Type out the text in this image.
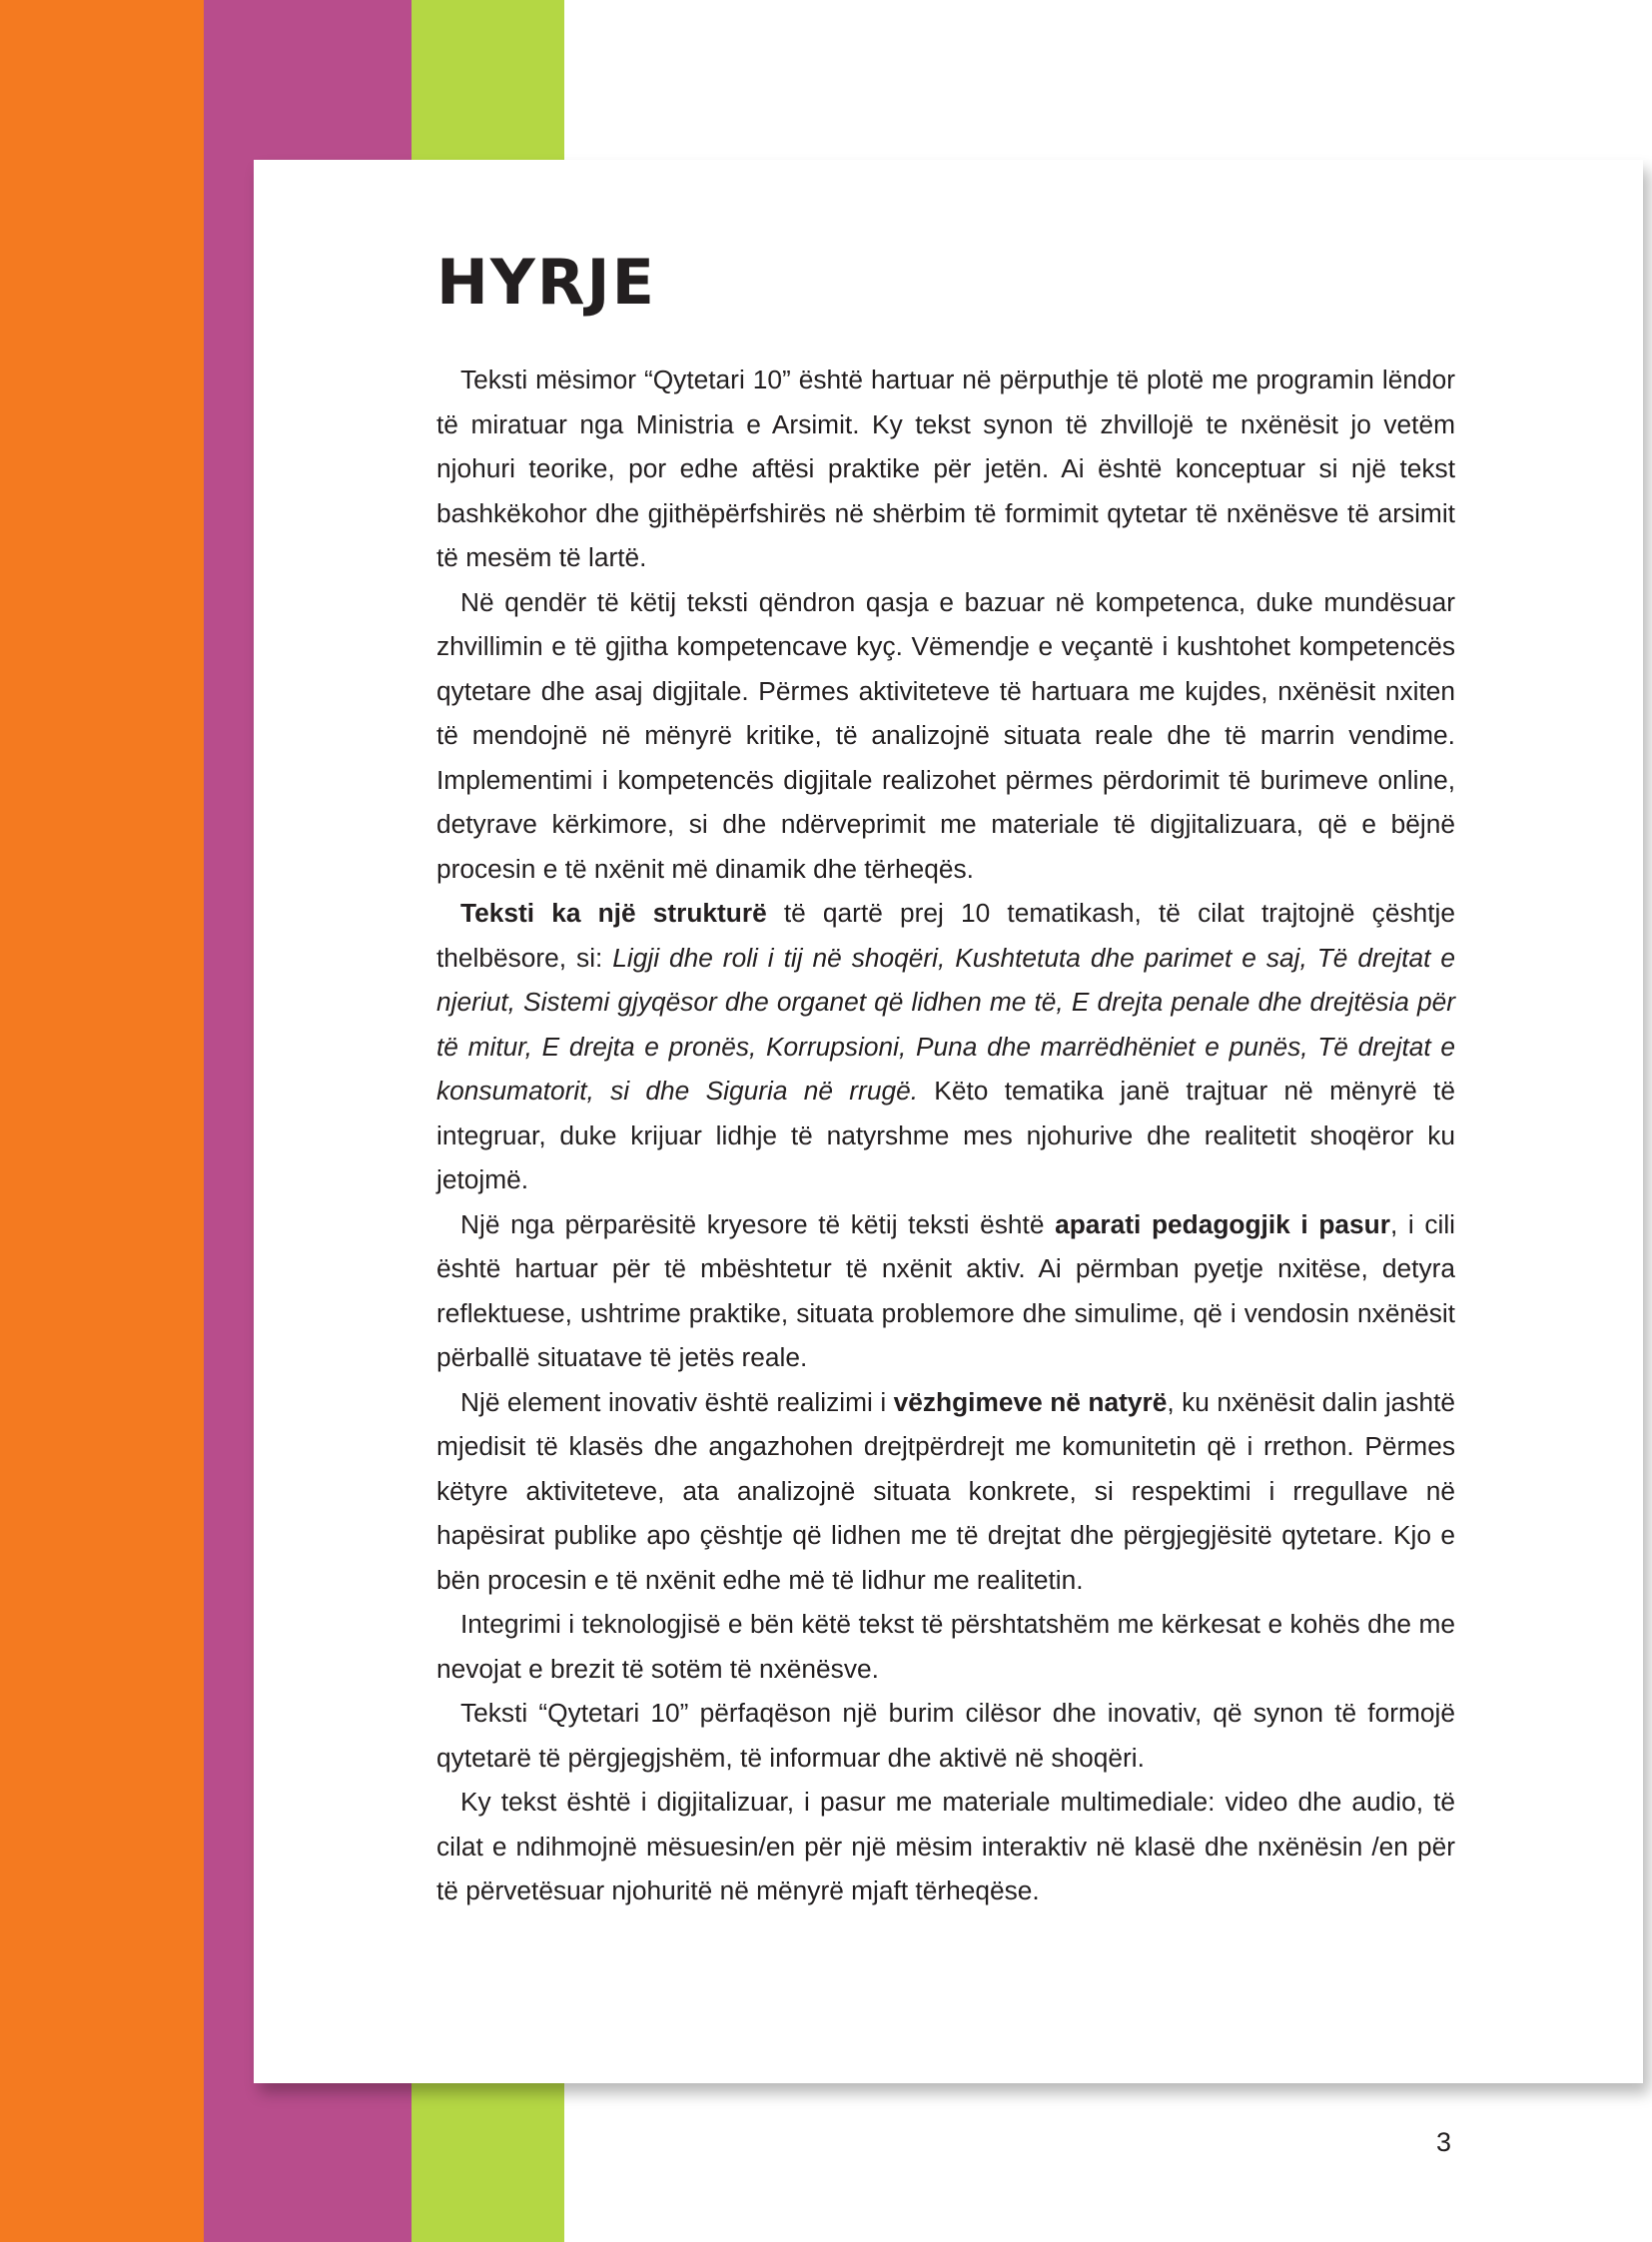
HYRJE

Teksti mësimor “Qytetari 10” është hartuar në përputhje të plotë me programin lëndor të miratuar nga Ministria e Arsimit. Ky tekst synon të zhvillojë te nxënësit jo vetëm njohuri teorike, por edhe aftësi praktike për jetën. Ai është konceptuar si një tekst bashkëkohor dhe gjithëpërfshirës në shërbim të formimit qytetar të nxënësve të arsimit të mesëm të lartë.

Në qendër të këtij teksti qëndron qasja e bazuar në kompetenca, duke mundësuar zhvillimin e të gjitha kompetencave kyç. Vëmendje e veçantë i kushtohet kompetencës qytetare dhe asaj digjitale. Përmes aktiviteteve të hartuara me kujdes, nxënësit nxiten të mendojnë në mënyrë kritike, të analizojnë situata reale dhe të marrin vendime. Implementimi i kompetencës digjitale realizohet përmes përdorimit të burimeve online, detyrave kërkimore, si dhe ndërveprimit me materiale të digjitalizuara, që e bëjnë procesin e të nxënit më dinamik dhe tërheqës.

Teksti ka një strukturë të qartë prej 10 tematikash, të cilat trajtojnë çështje thelbësore, si: Ligji dhe roli i tij në shoqëri, Kushtetuta dhe parimet e saj, Të drejtat e njeriut, Sistemi gjyqësor dhe organet që lidhen me të, E drejta penale dhe drejtësia për të mitur, E drejta e pronës, Korrupsioni, Puna dhe marrëdhëniet e punës, Të drejtat e konsumatorit, si dhe Siguria në rrugë. Këto tematika janë trajtuar në mënyrë të integruar, duke krijuar lidhje të natyrshme mes njohurive dhe realitetit shoqëror ku jetojmë.

Një nga përparësitë kryesore të këtij teksti është aparati pedagogjik i pasur, i cili është hartuar për të mbështetur të nxënit aktiv. Ai përmban pyetje nxitëse, detyra reflektuese, ushtrime praktike, situata problemore dhe simulime, që i vendosin nxënësit përballë situatave të jetës reale.

Një element inovativ është realizimi i vëzhgimeve në natyrë, ku nxënësit dalin jashtë mjedisit të klasës dhe angazhohen drejtpërdrejt me komunitetin që i rrethon. Përmes këtyre aktiviteteve, ata analizojnë situata konkrete, si respektimi i rregullave në hapësirat publike apo çështje që lidhen me të drejtat dhe përgjegjësitë qytetare. Kjo e bën procesin e të nxënit edhe më të lidhur me realitetin.

Integrimi i teknologjisë e bën këtë tekst të përshtatshëm me kërkesat e kohës dhe me nevojat e brezit të sotëm të nxënësve.

Teksti “Qytetari 10” përfaqëson një burim cilësor dhe inovativ, që synon të formojë qytetarë të përgjegjshëm, të informuar dhe aktivë në shoqëri.

Ky tekst është i digjitalizuar, i pasur me materiale multimediale: video dhe audio, të cilat e ndihmojnë mësuesin/en për një mësim interaktiv në klasë dhe nxënësin /en për të përvetësuar njohuritë në mënyrë mjaft tërheqëse.

3
